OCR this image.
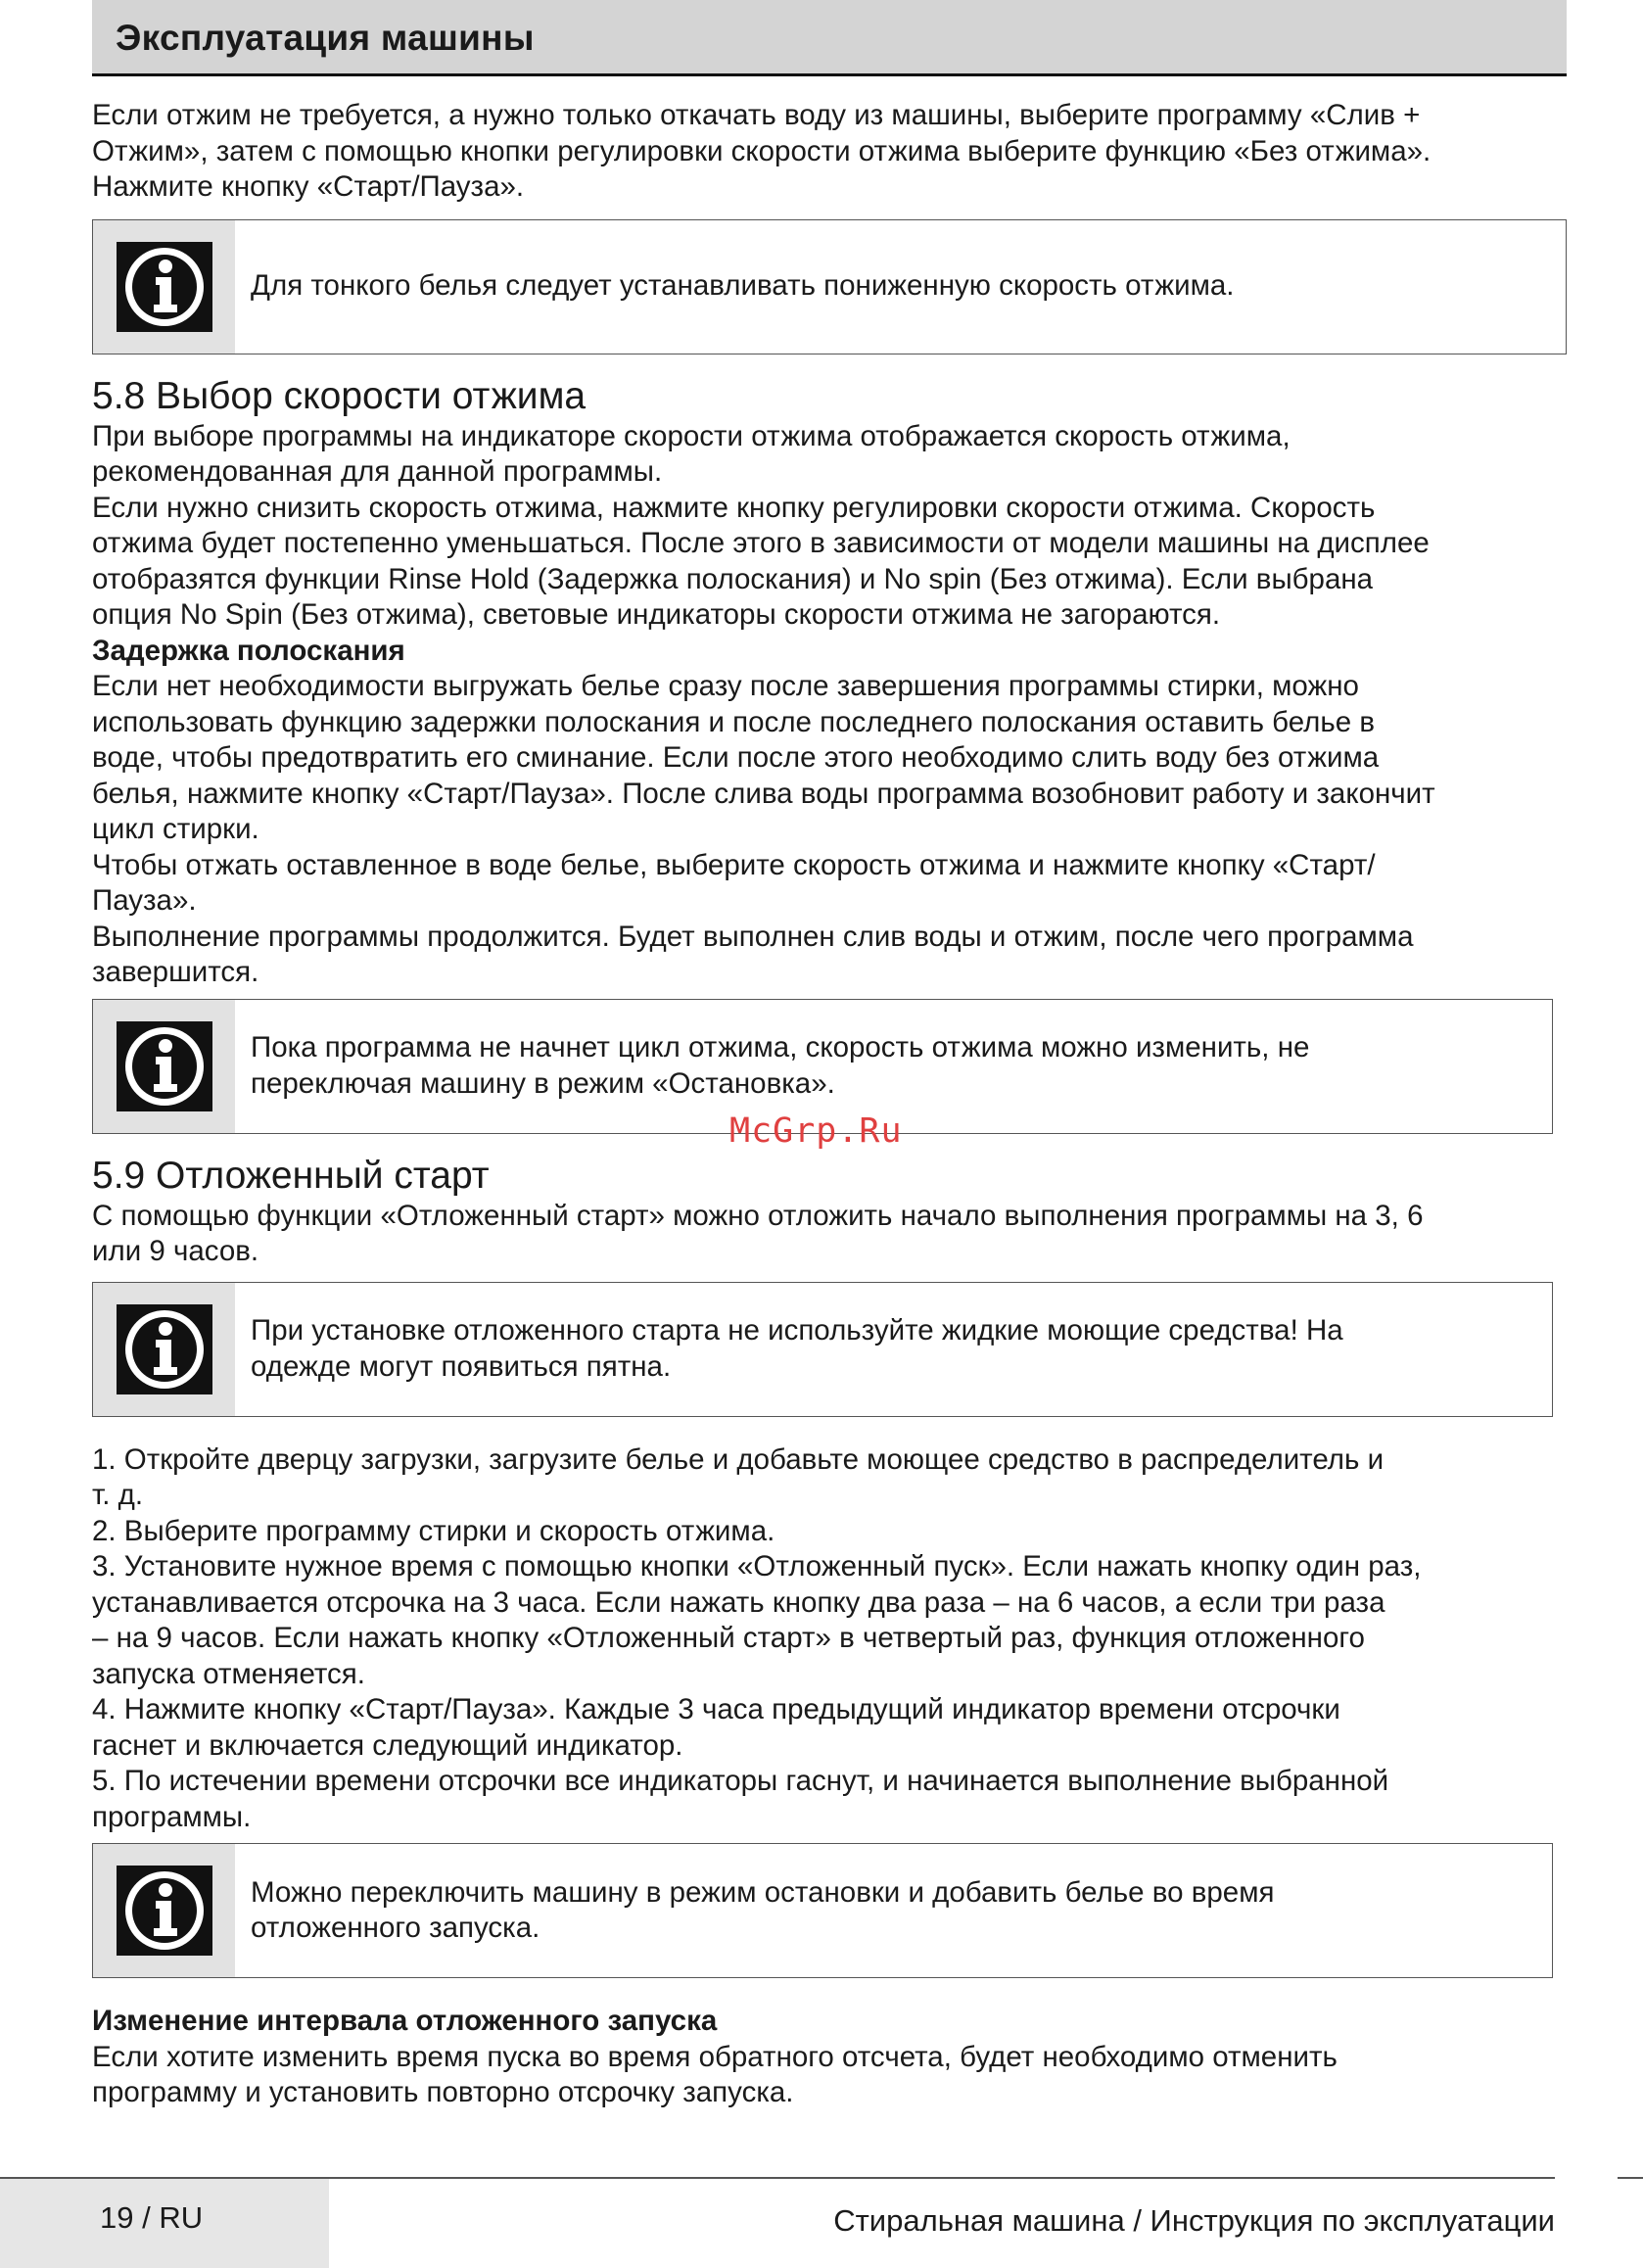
Эксплуатация машины

Если отжим не требуется, а нужно только откачать воду из машины, выберите программу «Слив +

Отжим», затем с помощью кнопки регулировки скорости отжима выберите функцию «Без отжима».

Нажмите кнопку «Старт/Пауза».

Для тонкого белья следует устанавливать пониженную скорость отжима.
5.8 Выбор скорости отжима

При выборе программы на индикаторе скорости отжима отображается скорость отжима,

рекомендованная для данной программы.

Если нужно снизить скорость отжима, нажмите кнопку регулировки скорости отжима. Скорость

отжима будет постепенно уменьшаться. После этого в зависимости от модели машины на дисплее

отобразятся функции Rinse Hold (Задержка полоскания) и No spin (Без отжима). Если выбрана

опция No Spin (Без отжима), световые индикаторы скорости отжима не загораются.

Задержка полоскания

Если нет необходимости выгружать белье сразу после завершения программы стирки, можно

использовать функцию задержки полоскания и после последнего полоскания оставить белье в

воде, чтобы предотвратить его сминание. Если после этого необходимо слить воду без отжима

белья, нажмите кнопку «Старт/Пауза». После слива воды программа возобновит работу и закончит

цикл стирки.

Чтобы отжать оставленное в воде белье, выберите скорость отжима и нажмите кнопку «Старт/

Пауза».

Выполнение программы продолжится. Будет выполнен слив воды и отжим, после чего программа

завершится.

Пока программа не начнет цикл отжима, скорость отжима можно изменить, не

переключая машину в режим «Остановка».

5.9 Отложенный старт

С помощью функции «Отложенный старт» можно отложить начало выполнения программы на 3, 6

или 9 часов.

При установке отложенного старта не используйте жидкие моющие средства! На

одежде могут появиться пятна.

1. Откройте дверцу загрузки, загрузите белье и добавьте моющее средство в распределитель и

т. д.

2. Выберите программу стирки и скорость отжима.

3. Установите нужное время с помощью кнопки «Отложенный пуск». Если нажать кнопку один раз,

устанавливается отсрочка на 3 часа. Если нажать кнопку два раза – на 6 часов, а если три раза

– на 9 часов. Если нажать кнопку «Отложенный старт» в четвертый раз, функция отложенного

запуска отменяется.

4. Нажмите кнопку «Старт/Пауза». Каждые 3 часа предыдущий индикатор времени отсрочки

гаснет и включается следующий индикатор.

5. По истечении времени отсрочки все индикаторы гаснут, и начинается выполнение выбранной

программы.

Можно переключить машину в режим остановки и добавить белье во время

отложенного запуска.

Изменение интервала отложенного запуска

Если хотите изменить время пуска во время обратного отсчета, будет необходимо отменить

программу и установить повторно отсрочку запуска.

McGrp.Ru
19 / RU	Стиральная машина / Инструкция по эксплуатации
